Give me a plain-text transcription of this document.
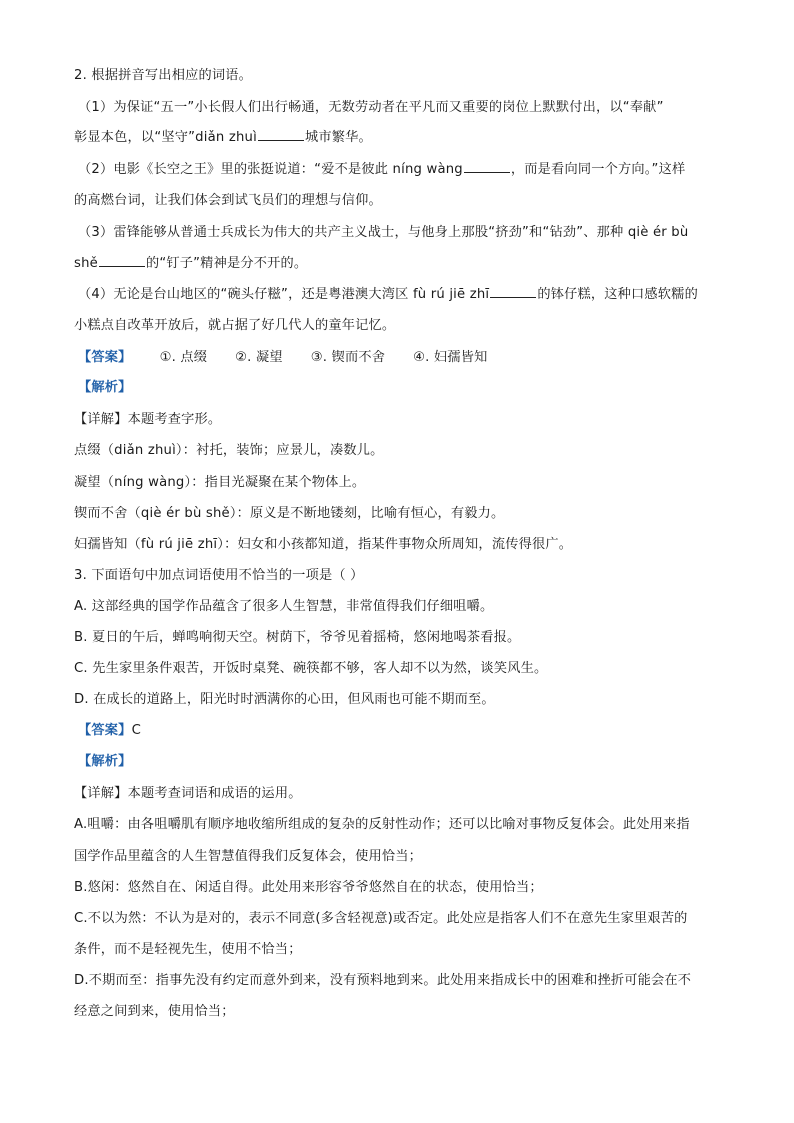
2. 根据拼音写出相应的词语。
（1）为保证“五一”小长假人们出行畅通，无数劳动者在平凡而又重要的岗位上默默付出，以“奉献”
彰显本色，以“坚守”diǎn zhuì	城市繁华。
（2）电影《长空之王》里的张挺说道：“爱不是彼此 níng wàng	，而是看向同一个方向。”这样
的高燃台词，让我们体会到试飞员们的理想与信仰。
（3）雷锋能够从普通士兵成长为伟大的共产主义战士，与他身上那股“挤劲”和“钻劲”、那种 qiè ér bù
shě	的“钉子”精神是分不开的。
（4）无论是台山地区的“碗头仔糍”，还是粤港澳大湾区 fù rú jiē zhī	的钵仔糕，这种口感软糯的
小糕点自改革开放后，就占据了好几代人的童年记忆。
【答案】 ①. 点缀 ②. 凝望 ③. 锲而不舍 ④. 妇孺皆知
【解析】
【详解】本题考查字形。
点缀（diǎn zhuì）：衬托，装饰；应景儿，凑数儿。
凝望（níng wàng）：指目光凝聚在某个物体上。
锲而不舍（qiè ér bù shě）：原义是不断地镂刻，比喻有恒心，有毅力。
妇孺皆知（fù rú jiē zhī）：妇女和小孩都知道，指某件事物众所周知，流传得很广。
3. 下面语句中加点词语使用不恰当的一项是（ ）
A. 这部经典的国学作品蕴含了很多人生智慧，非常值得我们仔细咀嚼。
B. 夏日的午后，蝉鸣响彻天空。树荫下，爷爷见着摇椅，悠闲地喝茶看报。
C. 先生家里条件艰苦，开饭时桌凳、碗筷都不够，客人却不以为然，谈笑风生。
D. 在成长的道路上，阳光时时洒满你的心田，但风雨也可能不期而至。
【答案】C
【解析】
【详解】本题考查词语和成语的运用。
A.咀嚼：由各咀嚼肌有顺序地收缩所组成的复杂的反射性动作；还可以比喻对事物反复体会。此处用来指
国学作品里蕴含的人生智慧值得我们反复体会，使用恰当；
B.悠闲：悠然自在、闲适自得。此处用来形容爷爷悠然自在的状态，使用恰当；
C.不以为然：不认为是对的，表示不同意(多含轻视意)或否定。此处应是指客人们不在意先生家里艰苦的
条件，而不是轻视先生，使用不恰当；
D.不期而至：指事先没有约定而意外到来，没有预料地到来。此处用来指成长中的困难和挫折可能会在不
经意之间到来，使用恰当；
